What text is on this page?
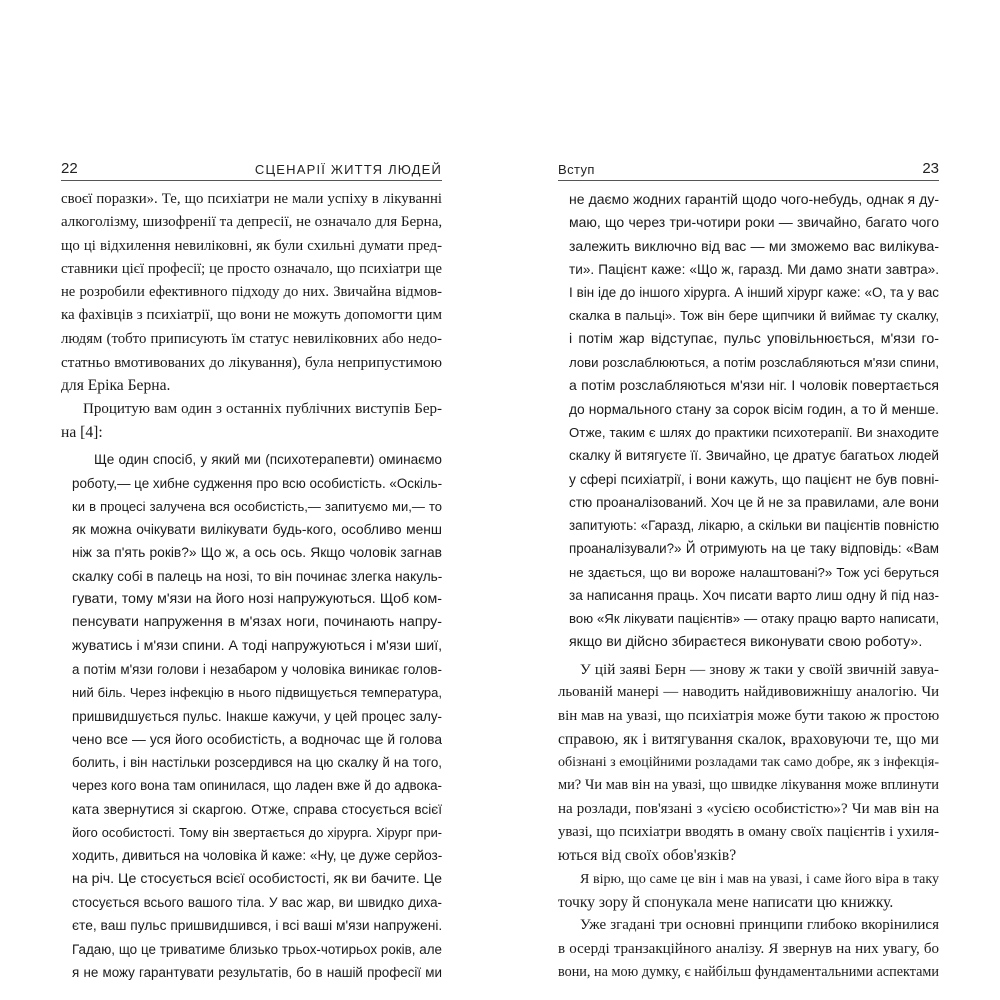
22	СЦЕНАРІЇ ЖИТТЯ ЛЮДЕЙ
своєї поразки». Те, що психіатри не мали успіху в лікуванні
алкоголізму, шизофренії та депресії, не означало для Берна,
що ці відхилення невиліковні, як були схильні думати пред-
ставники цієї професії; це просто означало, що психіатри ще
не розробили ефективного підходу до них. Звичайна відмов-
ка фахівців з психіатрії, що вони не можуть допомогти цим
людям (тобто приписують їм статус невиліковних або недо-
статньо вмотивованих до лікування), була неприпустимою
для Еріка Берна.
Процитую вам один з останніх публічних виступів Бер-
на [4]:
Ще один спосіб, у який ми (психотерапевти) оминаємо
роботу,— це хибне судження про всю особистість. «Оскіль-
ки в процесі залучена вся особистість,— запитуємо ми,— то
як можна очікувати вилікувати будь-кого, особливо менш
ніж за п'ять років?» Що ж, а ось ось. Якщо чоловік загнав
скалку собі в палець на нозі, то він починає злегка накуль-
гувати, тому м'язи на його нозі напружуються. Щоб ком-
пенсувати напруження в м'язах ноги, починають напру-
жуватись і м'язи спини. А тоді напружуються і м'язи шиї,
а потім м'язи голови і незабаром у чоловіка виникає голов-
ний біль. Через інфекцію в нього підвищується температура,
пришвидшується пульс. Інакше кажучи, у цей процес залу-
чено все — уся його особистість, а водночас ще й голова
болить, і він настільки розсердився на цю скалку й на того,
через кого вона там опинилася, що ладен вже й до адвока-
ката звернутися зі скаргою. Отже, справа стосується всієї
його особистості. Тому він звертається до хірурга. Хірург при-
ходить, дивиться на чоловіка й каже: «Ну, це дуже серйоз-
на річ. Це стосується всієї особистості, як ви бачите. Це
стосується всього вашого тіла. У вас жар, ви швидко диха-
єте, ваш пульс пришвидшився, і всі ваші м'язи напружені.
Гадаю, що це триватиме близько трьох-чотирьох років, але
я не можу гарантувати результатів, бо в нашій професії ми
Вступ	23
не даємо жодних гарантій щодо чого-небудь, однак я ду-
маю, що через три-чотири роки — звичайно, багато чого
залежить виключно від вас — ми зможемо вас вилікува-
ти». Пацієнт каже: «Що ж, гаразд. Ми дамо знати завтра».
І він іде до іншого хірурга. А інший хірург каже: «О, та у вас
скалка в пальці». Тож він бере щипчики й виймає ту скалку,
і потім жар відступає, пульс уповільнюється, м'язи го-
лови розслаблюються, а потім розслабляються м'язи спини,
а потім розслабляються м'язи ніг. І чоловік повертається
до нормального стану за сорок вісім годин, а то й менше.
Отже, таким є шлях до практики психотерапії. Ви знаходите
скалку й витягуєте її. Звичайно, це дратує багатьох людей
у сфері психіатрії, і вони кажуть, що пацієнт не був повні-
стю проаналізований. Хоч це й не за правилами, але вони
запитують: «Гаразд, лікарю, а скільки ви пацієнтів повністю
проаналізували?» Й отримують на це таку відповідь: «Вам
не здається, що ви вороже налаштовані?» Тож усі беруться
за написання праць. Хоч писати варто лиш одну й під наз-
вою «Як лікувати пацієнтів» — отаку працю варто написати,
якщо ви дійсно збираєтеся виконувати свою роботу».
У цій заяві Берн — знову ж таки у своїй звичній завуа-
льованій манері — наводить найдивовижнішу аналогію. Чи
він мав на увазі, що психіатрія може бути такою ж простою
справою, як і витягування скалок, враховуючи те, що ми
обізнані з емоційними розладами так само добре, як з інфекція-
ми? Чи мав він на увазі, що швидке лікування може вплинути
на розлади, пов'язані з «усією особистістю»? Чи мав він на
увазі, що психіатри вводять в оману своїх пацієнтів і ухиля-
ються від своїх обов'язків?
Я вірю, що саме це він і мав на увазі, і саме його віра в таку
точку зору й спонукала мене написати цю книжку.
Уже згадані три основні принципи глибоко вкорінилися
в осерді транзакційного аналізу. Я звернув на них увагу, бо
вони, на мою думку, є найбільш фундаментальними аспектами
